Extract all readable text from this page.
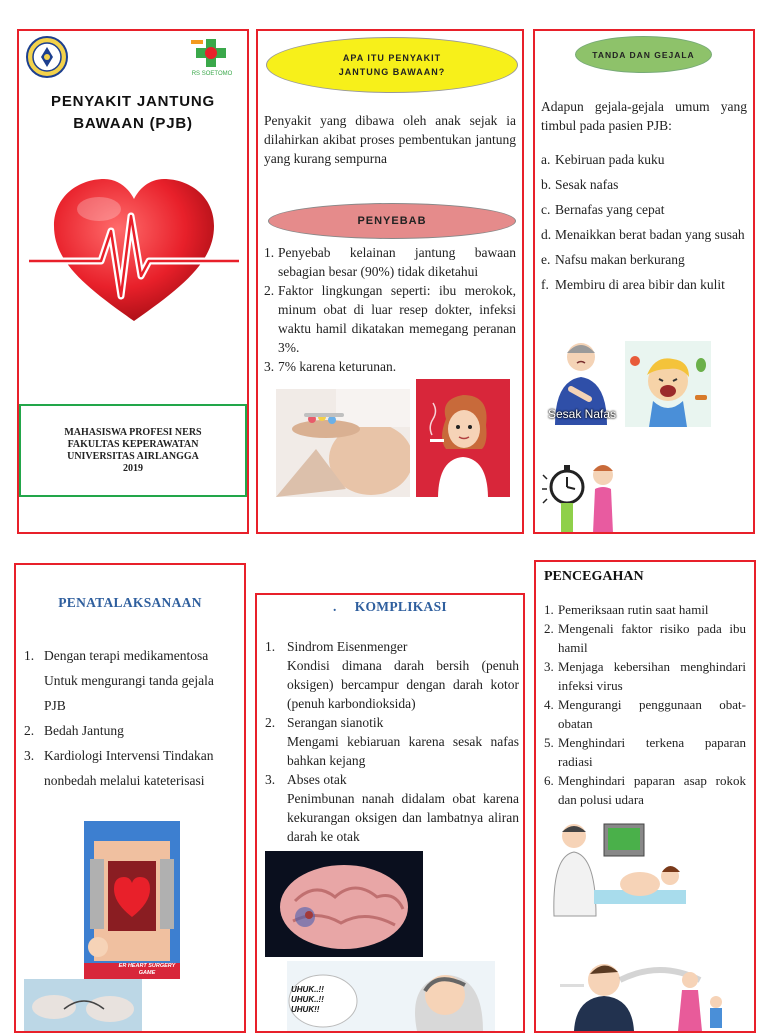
RS SOETOMO
PENYAKIT JANTUNG
BAWAAN (PJB)
MAHASISWA PROFESI NERS
FAKULTAS KEPERAWATAN
UNIVERSITAS AIRLANGGA
2019
APA ITU PENYAKIT JANTUNG BAWAAN?
Penyakit yang dibawa oleh anak sejak ia dilahirkan akibat proses pembentukan jantung yang kurang sempurna
PENYEBAB
1. Penyebab kelainan jantung bawaan sebagian besar (90%) tidak diketahui
2. Faktor lingkungan seperti: ibu merokok, minum obat di luar resep dokter, infeksi waktu hamil dikatakan memegang peranan 3%.
3. 7% karena keturunan.
TANDA DAN GEJALA
Adapun gejala-gejala umum yang timbul pada pasien PJB:
a. Kebiruan pada kuku
b. Sesak nafas
c. Bernafas yang cepat
d. Menaikkan berat badan yang susah
e. Nafsu makan berkurang
f. Membiru di area bibir dan kulit
Sesak Nafas
PENATALAKSANAAN
1. Dengan terapi medikamentosa Untuk mengurangi tanda gejala PJB
2. Bedah Jantung
3. Kardiologi Intervensi Tindakan nonbedah melalui kateterisasi
ER HEART SURGERY
GAME
. KOMPLIKASI
1. Sindrom Eisenmenger
Kondisi dimana darah bersih (penuh oksigen) bercampur dengan darah kotor (penuh karbondioksida)
2. Serangan sianotik
Mengami kebiaruan karena sesak nafas bahkan kejang
3. Abses otak
Penimbunan nanah didalam obat karena kekurangan oksigen dan lambatnya aliran darah ke otak
UHUK..!!
UHUK..!!
UHUK!!
PENCEGAHAN
1. Pemeriksaan rutin saat hamil
2. Mengenali faktor risiko pada ibu hamil
3. Menjaga kebersihan menghindari infeksi virus
4. Mengurangi penggunaan obat-obatan
5. Menghindari terkena paparan radiasi
6. Menghindari paparan asap rokok dan polusi udara
